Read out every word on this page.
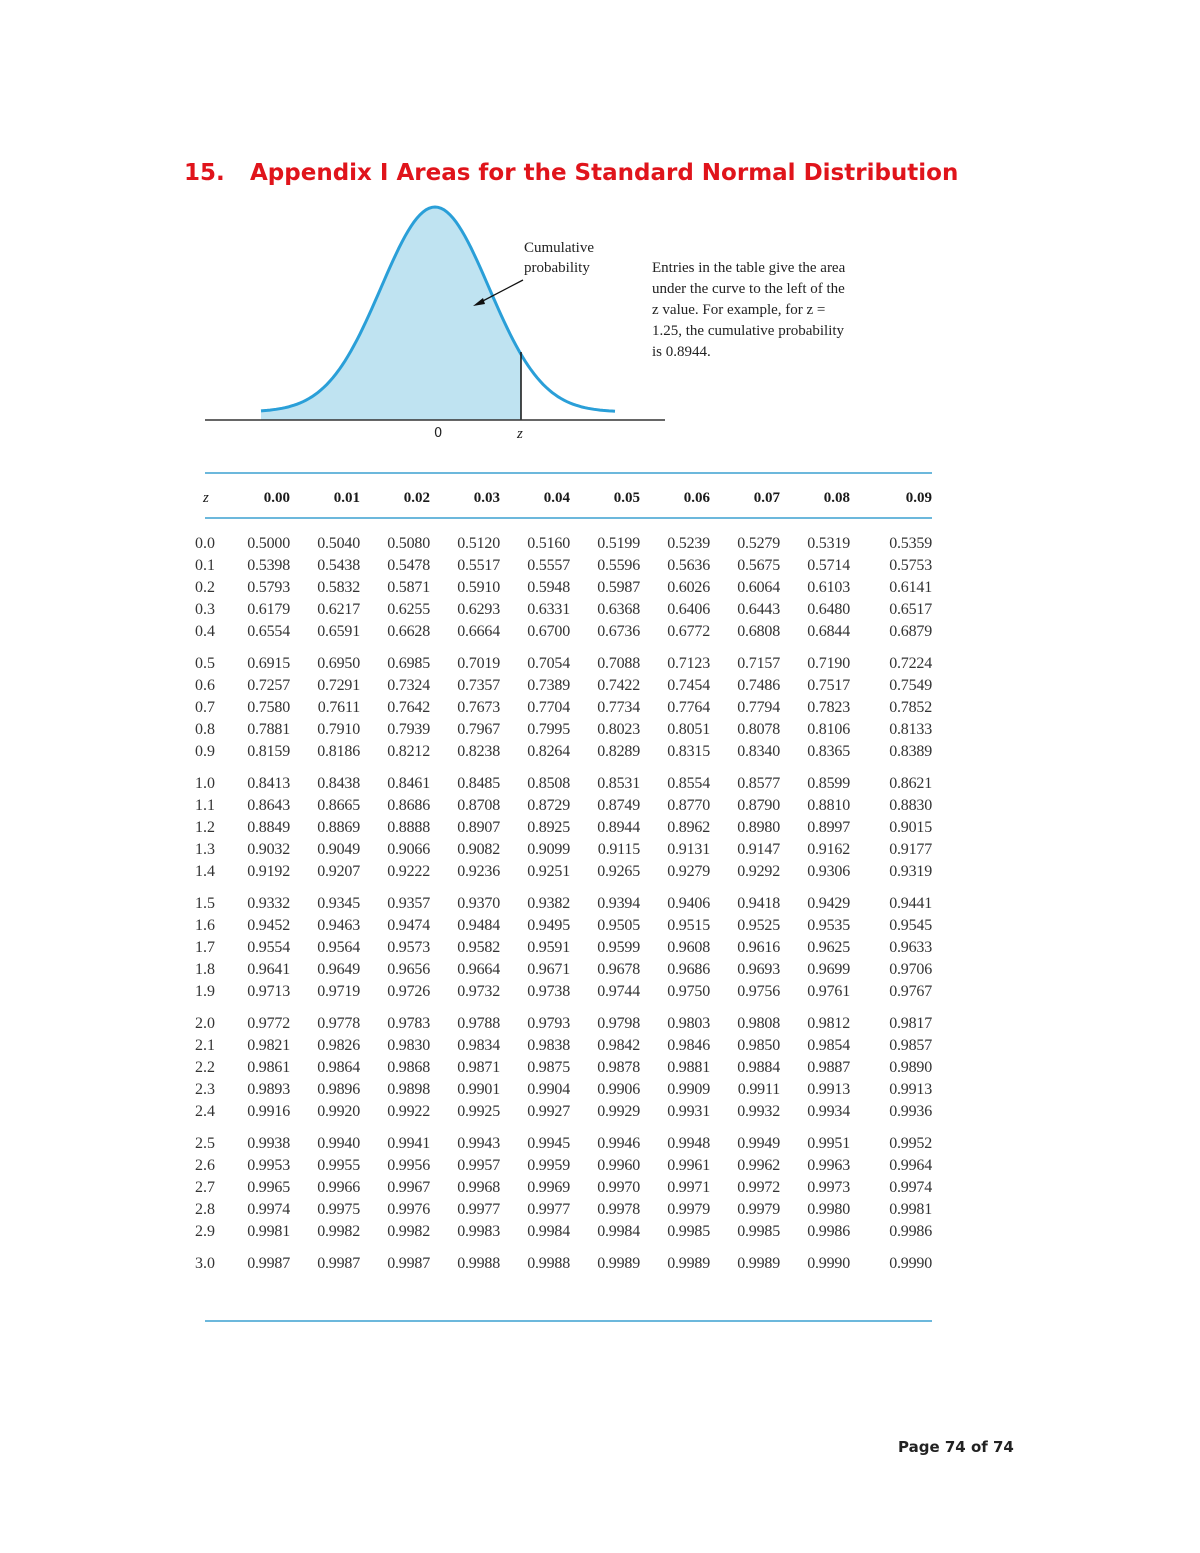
15. Appendix I Areas for the Standard Normal Distribution
Cumulative probability
0	z
Entries in the table give the area under the curve to the left of the z value. For example, for z = 1.25, the cumulative probability is 0.8944.
z	0.00	0.01	0.02	0.03	0.04	0.05	0.06	0.07	0.08	0.09
0.0 0.5000 0.5040 0.5080 0.5120 0.5160 0.5199 0.5239 0.5279 0.5319 0.5359
0.1 0.5398 0.5438 0.5478 0.5517 0.5557 0.5596 0.5636 0.5675 0.5714 0.5753
0.2 0.5793 0.5832 0.5871 0.5910 0.5948 0.5987 0.6026 0.6064 0.6103 0.6141
0.3 0.6179 0.6217 0.6255 0.6293 0.6331 0.6368 0.6406 0.6443 0.6480 0.6517
0.4 0.6554 0.6591 0.6628 0.6664 0.6700 0.6736 0.6772 0.6808 0.6844 0.6879
0.5 0.6915 0.6950 0.6985 0.7019 0.7054 0.7088 0.7123 0.7157 0.7190 0.7224
0.6 0.7257 0.7291 0.7324 0.7357 0.7389 0.7422 0.7454 0.7486 0.7517 0.7549
0.7 0.7580 0.7611 0.7642 0.7673 0.7704 0.7734 0.7764 0.7794 0.7823 0.7852
0.8 0.7881 0.7910 0.7939 0.7967 0.7995 0.8023 0.8051 0.8078 0.8106 0.8133
0.9 0.8159 0.8186 0.8212 0.8238 0.8264 0.8289 0.8315 0.8340 0.8365 0.8389
1.0 0.8413 0.8438 0.8461 0.8485 0.8508 0.8531 0.8554 0.8577 0.8599 0.8621
1.1 0.8643 0.8665 0.8686 0.8708 0.8729 0.8749 0.8770 0.8790 0.8810 0.8830
1.2 0.8849 0.8869 0.8888 0.8907 0.8925 0.8944 0.8962 0.8980 0.8997 0.9015
1.3 0.9032 0.9049 0.9066 0.9082 0.9099 0.9115 0.9131 0.9147 0.9162 0.9177
1.4 0.9192 0.9207 0.9222 0.9236 0.9251 0.9265 0.9279 0.9292 0.9306 0.9319
1.5 0.9332 0.9345 0.9357 0.9370 0.9382 0.9394 0.9406 0.9418 0.9429 0.9441
1.6 0.9452 0.9463 0.9474 0.9484 0.9495 0.9505 0.9515 0.9525 0.9535 0.9545
1.7 0.9554 0.9564 0.9573 0.9582 0.9591 0.9599 0.9608 0.9616 0.9625 0.9633
1.8 0.9641 0.9649 0.9656 0.9664 0.9671 0.9678 0.9686 0.9693 0.9699 0.9706
1.9 0.9713 0.9719 0.9726 0.9732 0.9738 0.9744 0.9750 0.9756 0.9761 0.9767
2.0 0.9772 0.9778 0.9783 0.9788 0.9793 0.9798 0.9803 0.9808 0.9812 0.9817
2.1 0.9821 0.9826 0.9830 0.9834 0.9838 0.9842 0.9846 0.9850 0.9854 0.9857
2.2 0.9861 0.9864 0.9868 0.9871 0.9875 0.9878 0.9881 0.9884 0.9887 0.9890
2.3 0.9893 0.9896 0.9898 0.9901 0.9904 0.9906 0.9909 0.9911 0.9913 0.9913
2.4 0.9916 0.9920 0.9922 0.9925 0.9927 0.9929 0.9931 0.9932 0.9934 0.9936
2.5 0.9938 0.9940 0.9941 0.9943 0.9945 0.9946 0.9948 0.9949 0.9951 0.9952
2.6 0.9953 0.9955 0.9956 0.9957 0.9959 0.9960 0.9961 0.9962 0.9963 0.9964
2.7 0.9965 0.9966 0.9967 0.9968 0.9969 0.9970 0.9971 0.9972 0.9973 0.9974
2.8 0.9974 0.9975 0.9976 0.9977 0.9977 0.9978 0.9979 0.9979 0.9980 0.9981
2.9 0.9981 0.9982 0.9982 0.9983 0.9984 0.9984 0.9985 0.9985 0.9986 0.9986
3.0 0.9987 0.9987 0.9987 0.9988 0.9988 0.9989 0.9989 0.9989 0.9990 0.9990
Page 74 of 74
